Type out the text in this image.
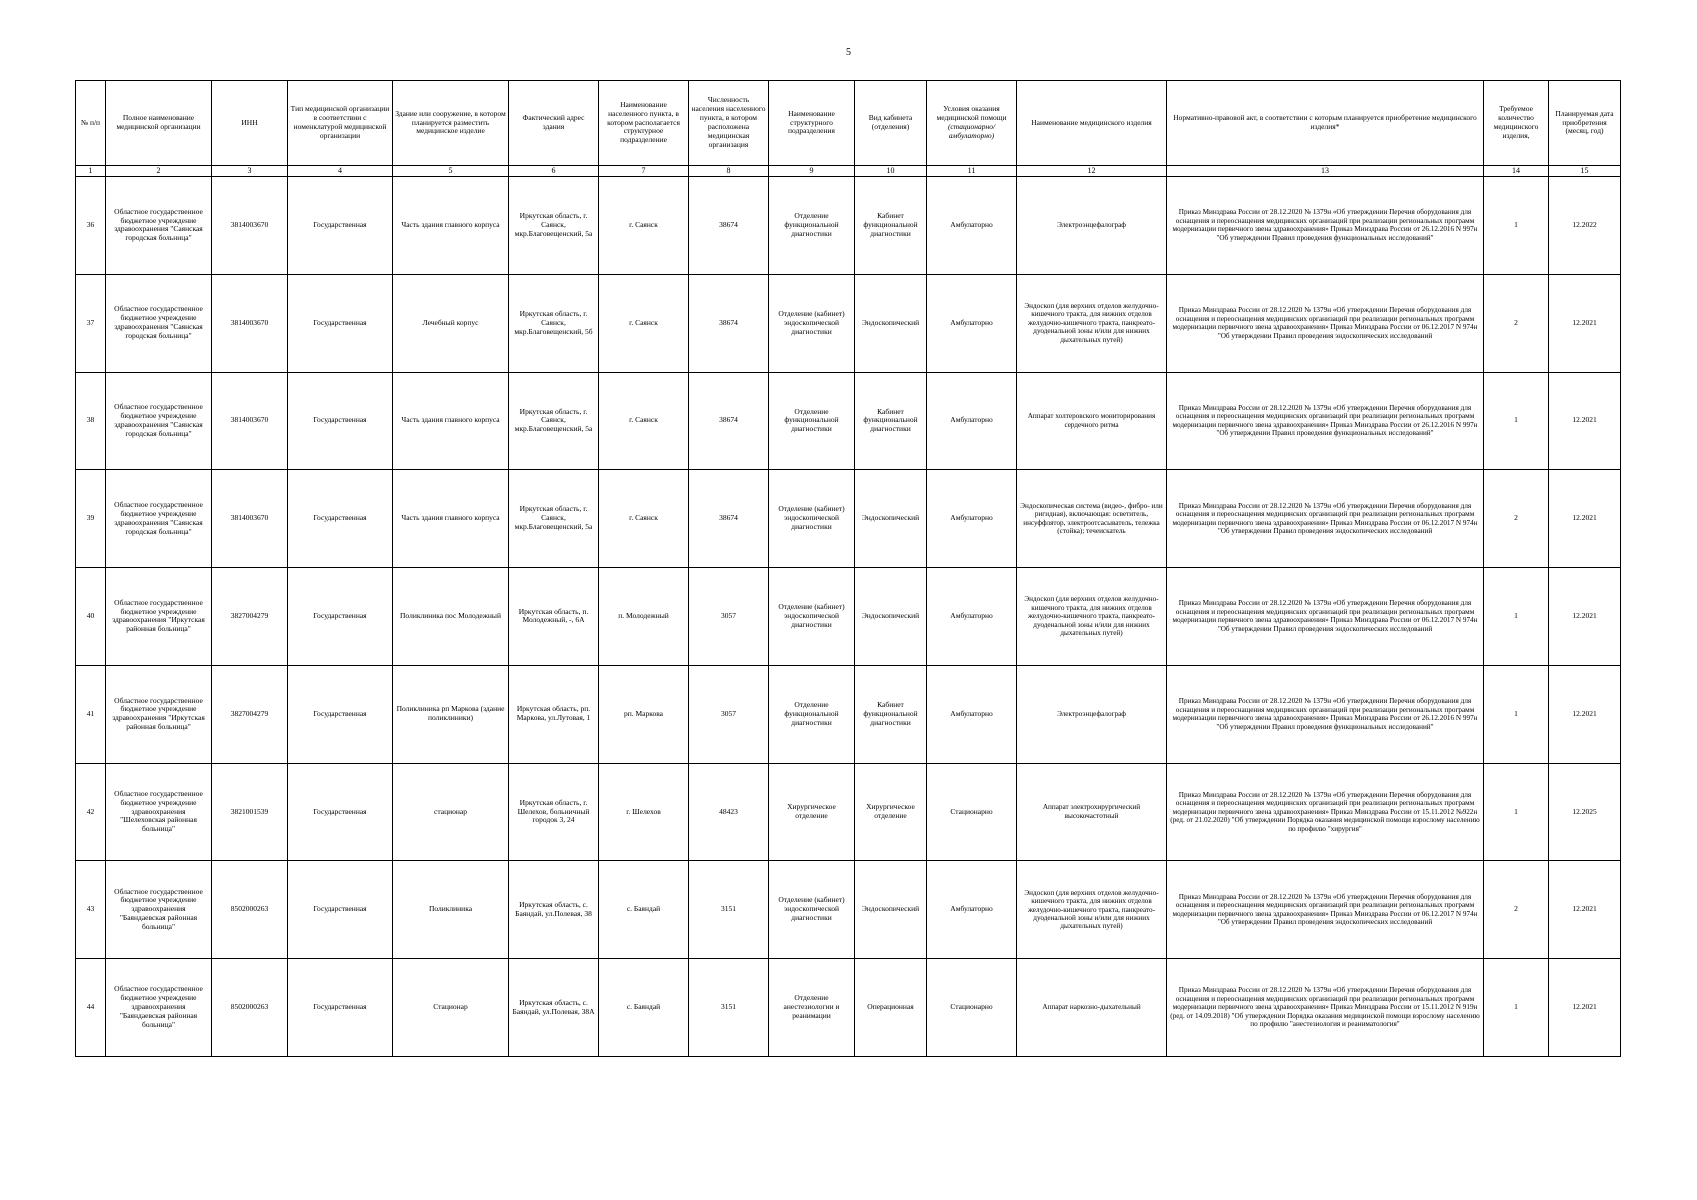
5
№ п/п	Полное наименование медицинской организации	ИНН	Тип медицинской организации в соответствии с номенклатурой медицинской организации	Здание или сооружение, в котором планируется разместить медицинское изделие	Фактический адрес здания	Наименование населенного пункта, в котором располагается структурное подразделение	Численность населения населенного пункта, в котором расположена медицинская организация	Наименование структурного подразделения	Вид кабинета (отделения)	Условия оказания медицинской помощи (стационарно/амбулаторно)	Наименование медицинского изделия	Нормативно-правовой акт, в соответствии с которым планируется приобретение медицинского изделия*	Требуемое количество медицинского изделия,	Планируемая дата приобретения (месяц, год)
1	2	3	4	5	6	7	8	9	10	11	12	13	14	15
36	Областное государственное бюджетное учреждение здравоохранения "Саянская городская больница"	3814003670	Государственная	Часть здания главного корпуса	Иркутская область, г. Саянск, мкр.Благовещенский, 5а	г. Саянск	38674	Отделение функциональной диагностики	Кабинет функциональной диагностики	Амбулаторно	Электроэнцефалограф	Приказ Минздрава России от 28.12.2020 № 1379н «Об утверждении Перечня оборудования для оснащения и переоснащения медицинских организаций при реализации региональных программ модернизации первичного звена здравоохранения» Приказ Минздрава России от 26.12.2016 N 997н "Об утверждении Правил проведения функциональных исследований"	1	12.2022
37	Областное государственное бюджетное учреждение здравоохранения "Саянская городская больница"	3814003670	Государственная	Лечебный корпус	Иркутская область, г. Саянск, мкр.Благовещенский, 5б	г. Саянск	38674	Отделение (кабинет) эндоскопической диагностики	Эндоскопический	Амбулаторно	Эндоскоп (для верхних отделов желудочно-кишечного тракта, для нижних отделов желудочно-кишечного тракта, панкреато-дуоденальной зоны и/или для нижних дыхательных путей)	Приказ Минздрава России от 28.12.2020 № 1379н «Об утверждении Перечня оборудования для оснащения и переоснащения медицинских организаций при реализации региональных программ модернизации первичного звена здравоохранения» Приказ Минздрава России от 06.12.2017 N 974н "Об утверждении Правил проведения эндоскопических исследований	2	12.2021
38	Областное государственное бюджетное учреждение здравоохранения "Саянская городская больница"	3814003670	Государственная	Часть здания главного корпуса	Иркутская область, г. Саянск, мкр.Благовещенский, 5а	г. Саянск	38674	Отделение функциональной диагностики	Кабинет функциональной диагностики	Амбулаторно	Аппарат холтеровского мониторирования сердечного ритма	Приказ Минздрава России от 28.12.2020 № 1379н «Об утверждении Перечня оборудования для оснащения и переоснащения медицинских организаций при реализации региональных программ модернизации первичного звена здравоохранения» Приказ Минздрава России от 26.12.2016 N 997н "Об утверждении Правил проведения функциональных исследований"	1	12.2021
39	Областное государственное бюджетное учреждение здравоохранения "Саянская городская больница"	3814003670	Государственная	Часть здания главного корпуса	Иркутская область, г. Саянск, мкр.Благовещенский, 5а	г. Саянск	38674	Отделение (кабинет) эндоскопической диагностики	Эндоскопический	Амбулаторно	Эндоскопическая система (видео-, фибро- или ригидная), включающая: осветитель, инсуффлятор, электроотсасыватель, тележка (стойка); течеискатель	Приказ Минздрава России от 28.12.2020 № 1379н «Об утверждении Перечня оборудования для оснащения и переоснащения медицинских организаций при реализации региональных программ модернизации первичного звена здравоохранения» Приказ Минздрава России от 06.12.2017 N 974н "Об утверждении Правил проведения эндоскопических исследований	2	12.2021
40	Областное государственное бюджетное учреждение здравоохранения "Иркутская районная больница"	3827004279	Государственная	Поликлиника пос Молодежный	Иркутская область, п. Молодежный, -, 6А	п. Молодежный	3057	Отделение (кабинет) эндоскопической диагностики	Эндоскопический	Амбулаторно	Эндоскоп (для верхних отделов желудочно-кишечного тракта, для нижних отделов желудочно-кишечного тракта, панкреато-дуоденальной зоны и/или для нижних дыхательных путей)	Приказ Минздрава России от 28.12.2020 № 1379н «Об утверждении Перечня оборудования для оснащения и переоснащения медицинских организаций при реализации региональных программ модернизации первичного звена здравоохранения» Приказ Минздрава России от 06.12.2017 N 974н "Об утверждении Правил проведения эндоскопических исследований	1	12.2021
41	Областное государственное бюджетное учреждение здравоохранения "Иркутская районная больница"	3827004279	Государственная	Поликлиника рп Маркова (здание поликлиники)	Иркутская область, рп. Маркова, ул.Лутовая, 1	рп. Маркова	3057	Отделение функциональной диагностики	Кабинет функциональной диагностики	Амбулаторно	Электроэнцефалограф	Приказ Минздрава России от 28.12.2020 № 1379н «Об утверждении Перечня оборудования для оснащения и переоснащения медицинских организаций при реализации региональных программ модернизации первичного звена здравоохранения» Приказ Минздрава России от 26.12.2016 N 997н "Об утверждении Правил проведения функциональных исследований"	1	12.2021
42	Областное государственное бюджетное учреждение здравоохранения "Шелеховская районная больница"	3821001539	Государственная	стационар	Иркутская область, г. Шелехов, больничный городок 3, 24	г. Шелехов	48423	Хирургическое отделение	Хирургическое отделение	Стационарно	Аппарат электрохирургический высокочастотный	Приказ Минздрава России от 28.12.2020 № 1379н «Об утверждении Перечня оборудования для оснащения и переоснащения медицинских организаций при реализации региональных программ модернизации первичного звена здравоохранения» Приказ Минздрава России от 15.11.2012 №922н (ред. от 21.02.2020) "Об утверждении Порядка оказания медицинской помощи взрослому населению по профилю "хирургия"	1	12.2025
43	Областное государственное бюджетное учреждение здравоохранения "Баяндаевская районная больница"	8502000263	Государственная	Поликлиника	Иркутская область, с. Баяндай, ул.Полевая, 38	с. Баяндай	3151	Отделение (кабинет) эндоскопической диагностики	Эндоскопический	Амбулаторно	Эндоскоп (для верхних отделов желудочно-кишечного тракта, для нижних отделов желудочно-кишечного тракта, панкреато-дуоденальной зоны и/или для нижних дыхательных путей)	Приказ Минздрава России от 28.12.2020 № 1379н «Об утверждении Перечня оборудования для оснащения и переоснащения медицинских организаций при реализации региональных программ модернизации первичного звена здравоохранения» Приказ Минздрава России от 06.12.2017 N 974н "Об утверждении Правил проведения эндоскопических исследований	2	12.2021
44	Областное государственное бюджетное учреждение здравоохранения "Баяндаевская районная больница"	8502000263	Государственная	Стационар	Иркутская область, с. Баяндай, ул.Полевая, 38А	с. Баяндай	3151	Отделение анестезиологии и реанимации	Операционная	Стационарно	Аппарат наркозно-дыхательный	Приказ Минздрава России от 28.12.2020 № 1379н «Об утверждении Перечня оборудования для оснащения и переоснащения медицинских организаций при реализации региональных программ модернизации первичного звена здравоохранения» Приказ Минздрава России от 15.11.2012 N 919н (ред. от 14.09.2018) "Об утверждении Порядка оказания медицинской помощи взрослому населению по профилю "анестезиология и реаниматология"	1	12.2021
